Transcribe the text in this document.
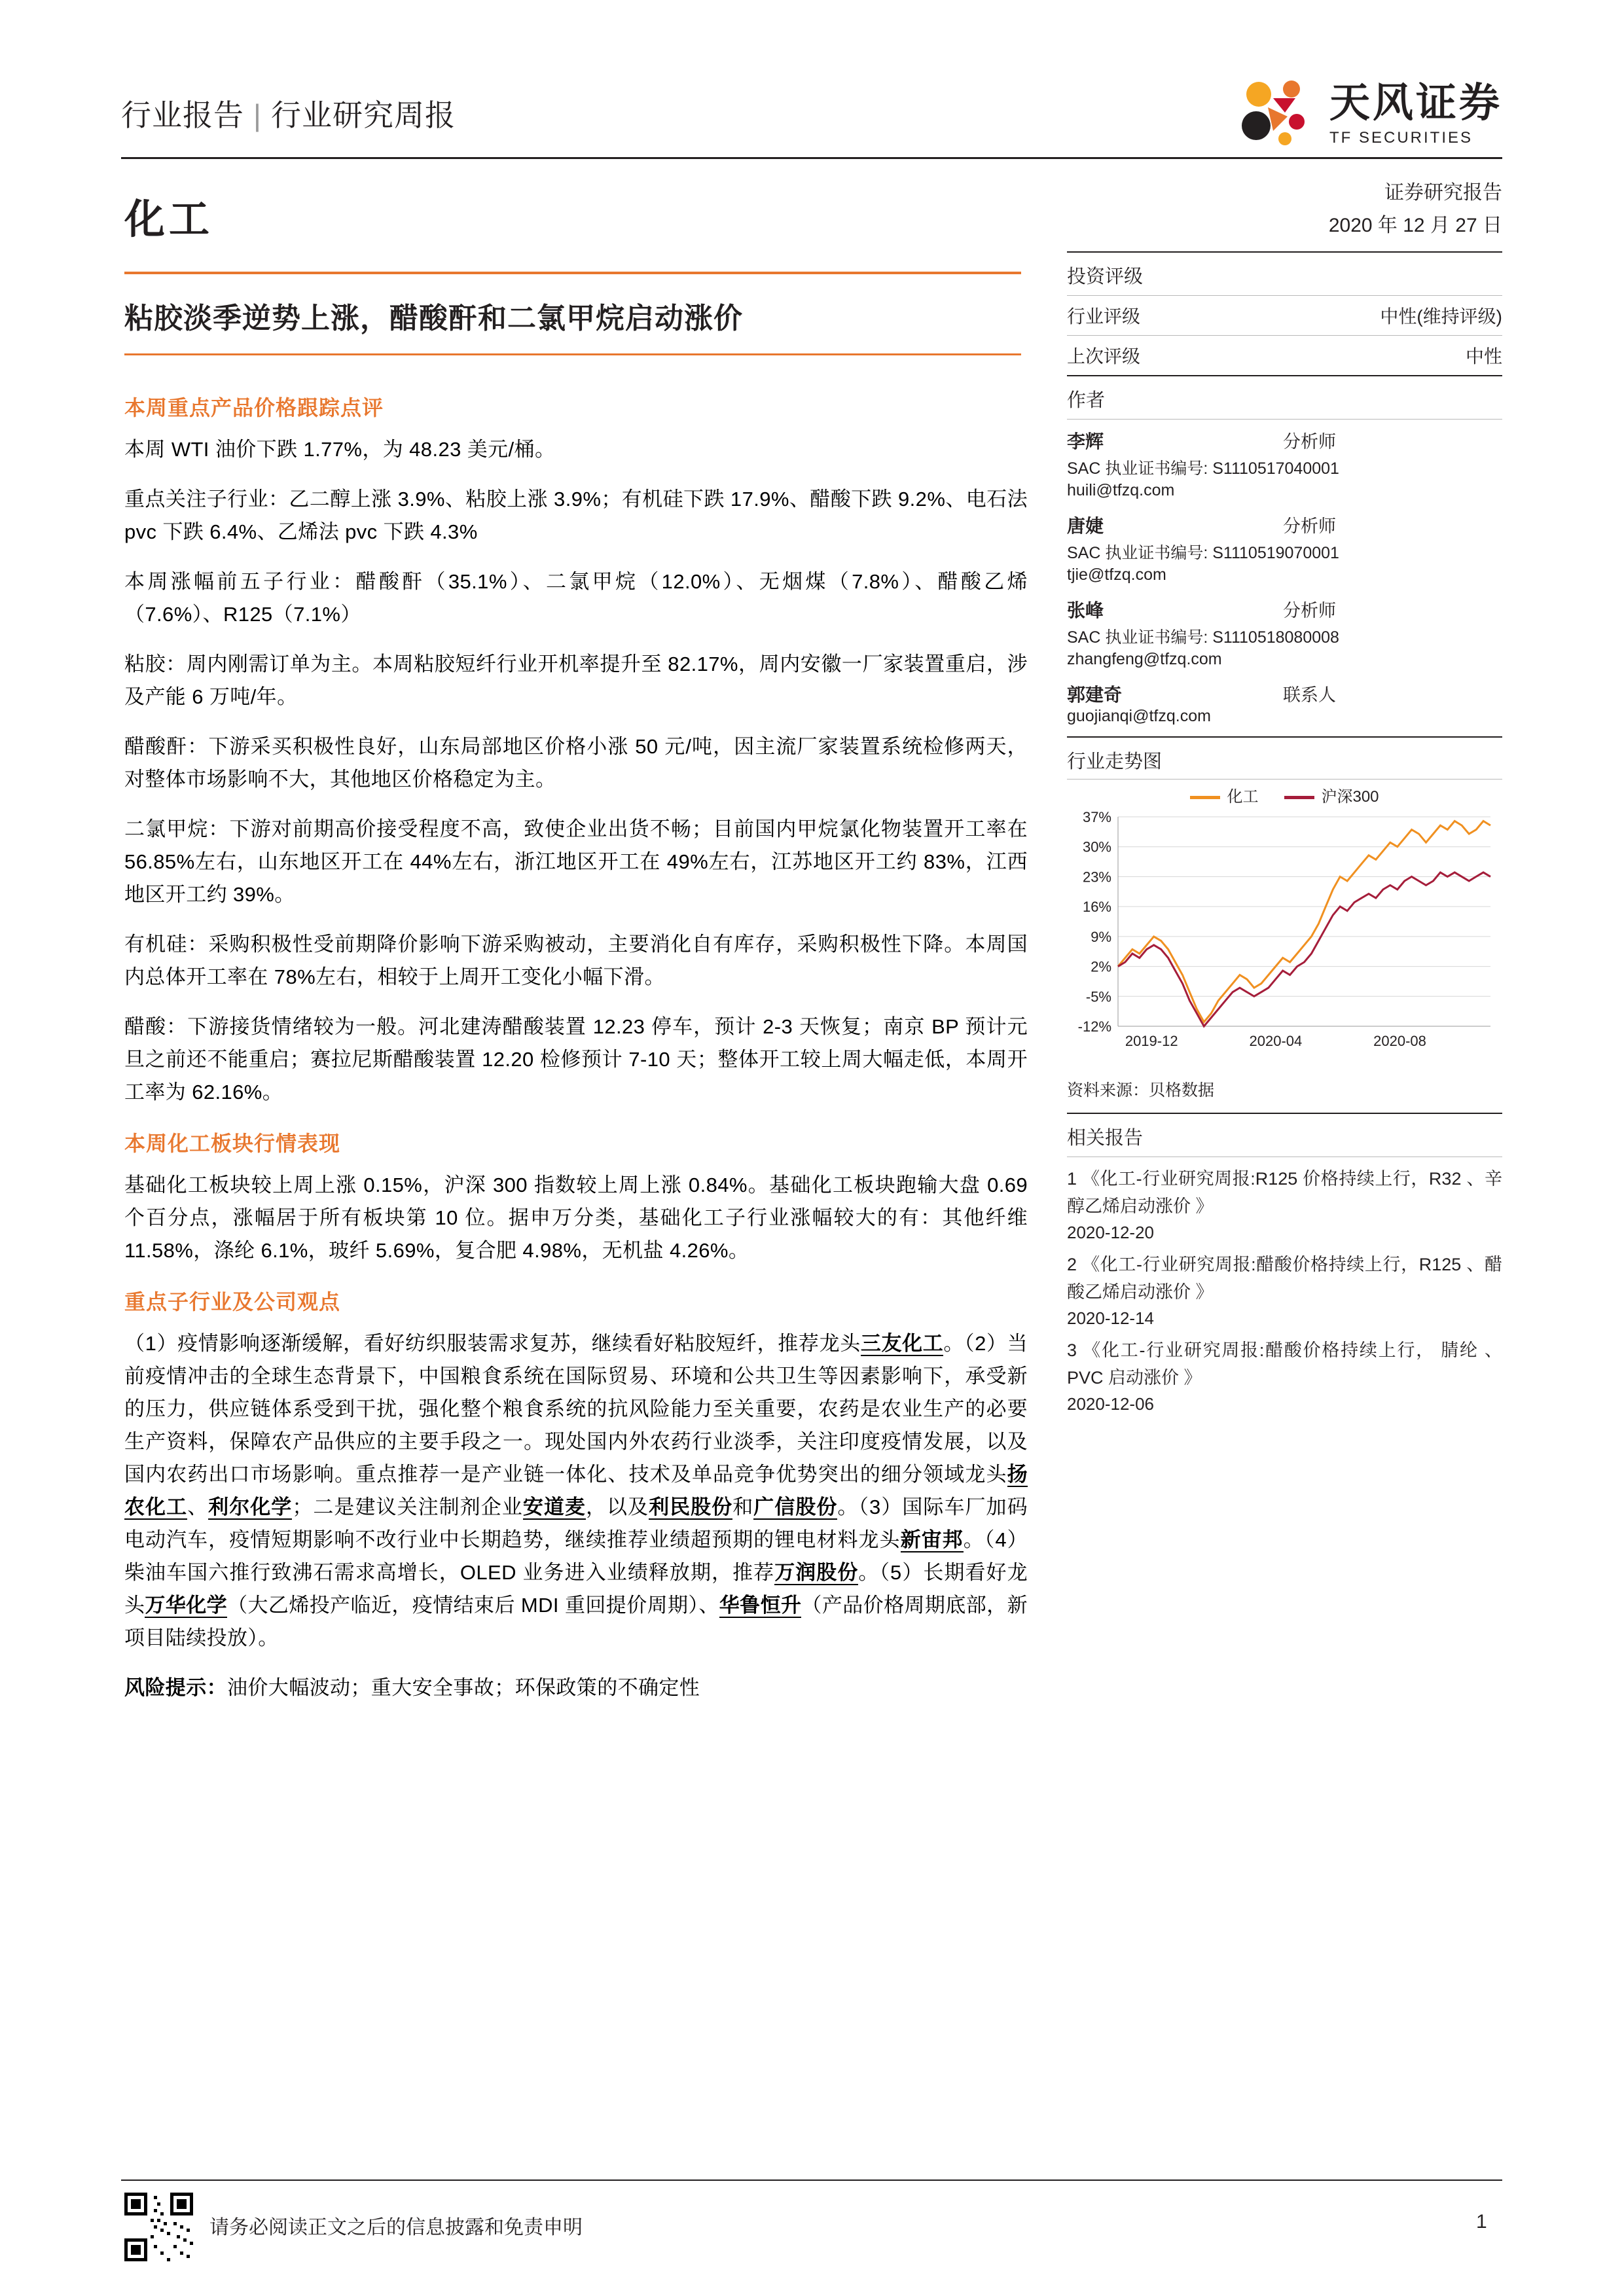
行业报告 | 行业研究周报	天风证券
TF SECURITIES
化工
粘胶淡季逆势上涨，醋酸酐和二氯甲烷启动涨价
本周重点产品价格跟踪点评

本周 WTI 油价下跌 1.77%，为 48.23 美元/桶。

重点关注子行业：乙二醇上涨 3.9%、粘胶上涨 3.9%；有机硅下跌 17.9%、醋酸下跌 9.2%、电石法 pvc 下跌 6.4%、乙烯法 pvc 下跌 4.3%

本周涨幅前五子行业：醋酸酐（35.1%）、二氯甲烷（12.0%）、无烟煤（7.8%）、醋酸乙烯（7.6%）、R125（7.1%）

粘胶：周内刚需订单为主。本周粘胶短纤行业开机率提升至 82.17%，周内安徽一厂家装置重启，涉及产能 6 万吨/年。

醋酸酐：下游采买积极性良好，山东局部地区价格小涨 50 元/吨，因主流厂家装置系统检修两天，对整体市场影响不大，其他地区价格稳定为主。

二氯甲烷：下游对前期高价接受程度不高，致使企业出货不畅；目前国内甲烷氯化物装置开工率在 56.85%左右，山东地区开工在 44%左右，浙江地区开工在 49%左右，江苏地区开工约 83%，江西地区开工约 39%。

有机硅：采购积极性受前期降价影响下游采购被动，主要消化自有库存，采购积极性下降。本周国内总体开工率在 78%左右，相较于上周开工变化小幅下滑。

醋酸：下游接货情绪较为一般。河北建涛醋酸装置 12.23 停车，预计 2-3 天恢复；南京 BP 预计元旦之前还不能重启；赛拉尼斯醋酸装置 12.20 检修预计 7-10 天；整体开工较上周大幅走低，本周开工率为 62.16%。

本周化工板块行情表现

基础化工板块较上周上涨 0.15%，沪深 300 指数较上周上涨 0.84%。基础化工板块跑输大盘 0.69 个百分点，涨幅居于所有板块第 10 位。据申万分类，基础化工子行业涨幅较大的有：其他纤维 11.58%，涤纶 6.1%，玻纤 5.69%，复合肥 4.98%，无机盐 4.26%。

重点子行业及公司观点

（1）疫情影响逐渐缓解，看好纺织服装需求复苏，继续看好粘胶短纤，推荐龙头三友化工。（2）当前疫情冲击的全球生态背景下，中国粮食系统在国际贸易、环境和公共卫生等因素影响下，承受新的压力，供应链体系受到干扰，强化整个粮食系统的抗风险能力至关重要，农药是农业生产的必要生产资料，保障农产品供应的主要手段之一。现处国内外农药行业淡季，关注印度疫情发展，以及国内农药出口市场影响。重点推荐一是产业链一体化、技术及单品竞争优势突出的细分领域龙头扬农化工、利尔化学；二是建议关注制剂企业安道麦，以及利民股份和广信股份。（3）国际车厂加码电动汽车，疫情短期影响不改行业中长期趋势，继续推荐业绩超预期的锂电材料龙头新宙邦。（4）柴油车国六推行致沸石需求高增长，OLED 业务进入业绩释放期，推荐万润股份。（5）长期看好龙头万华化学（大乙烯投产临近，疫情结束后 MDI 重回提价周期）、华鲁恒升（产品价格周期底部，新项目陆续投放）。

风险提示：油价大幅波动；重大安全事故；环保政策的不确定性

证券研究报告
2020 年 12 月 27 日
投资评级
行业评级	中性(维持评级)
上次评级	中性
作者
李辉	分析师
SAC 执业证书编号: S1110517040001
huili@tfzq.com
唐婕	分析师
SAC 执业证书编号: S1110519070001
tjie@tfzq.com
张峰	分析师
SAC 执业证书编号: S1110518080008
zhangfeng@tfzq.com
郭建奇	联系人
guojianqi@tfzq.com
行业走势图
化工	沪深300
37%
30%
23%
16%
9%
2%
-5%
-12%
2019-12	2020-04	2020-08
资料来源：贝格数据
相关报告
1 《化工-行业研究周报:R125 价格持续上行，R32 、辛醇乙烯启动涨价 》
2020-12-20
2 《化工-行业研究周报:醋酸价格持续上行，R125 、醋酸乙烯启动涨价 》
2020-12-14
3 《化工-行业研究周报:醋酸价格持续上行， 腈纶 、 PVC 启动涨价 》
2020-12-06
请务必阅读正文之后的信息披露和免责申明	1
